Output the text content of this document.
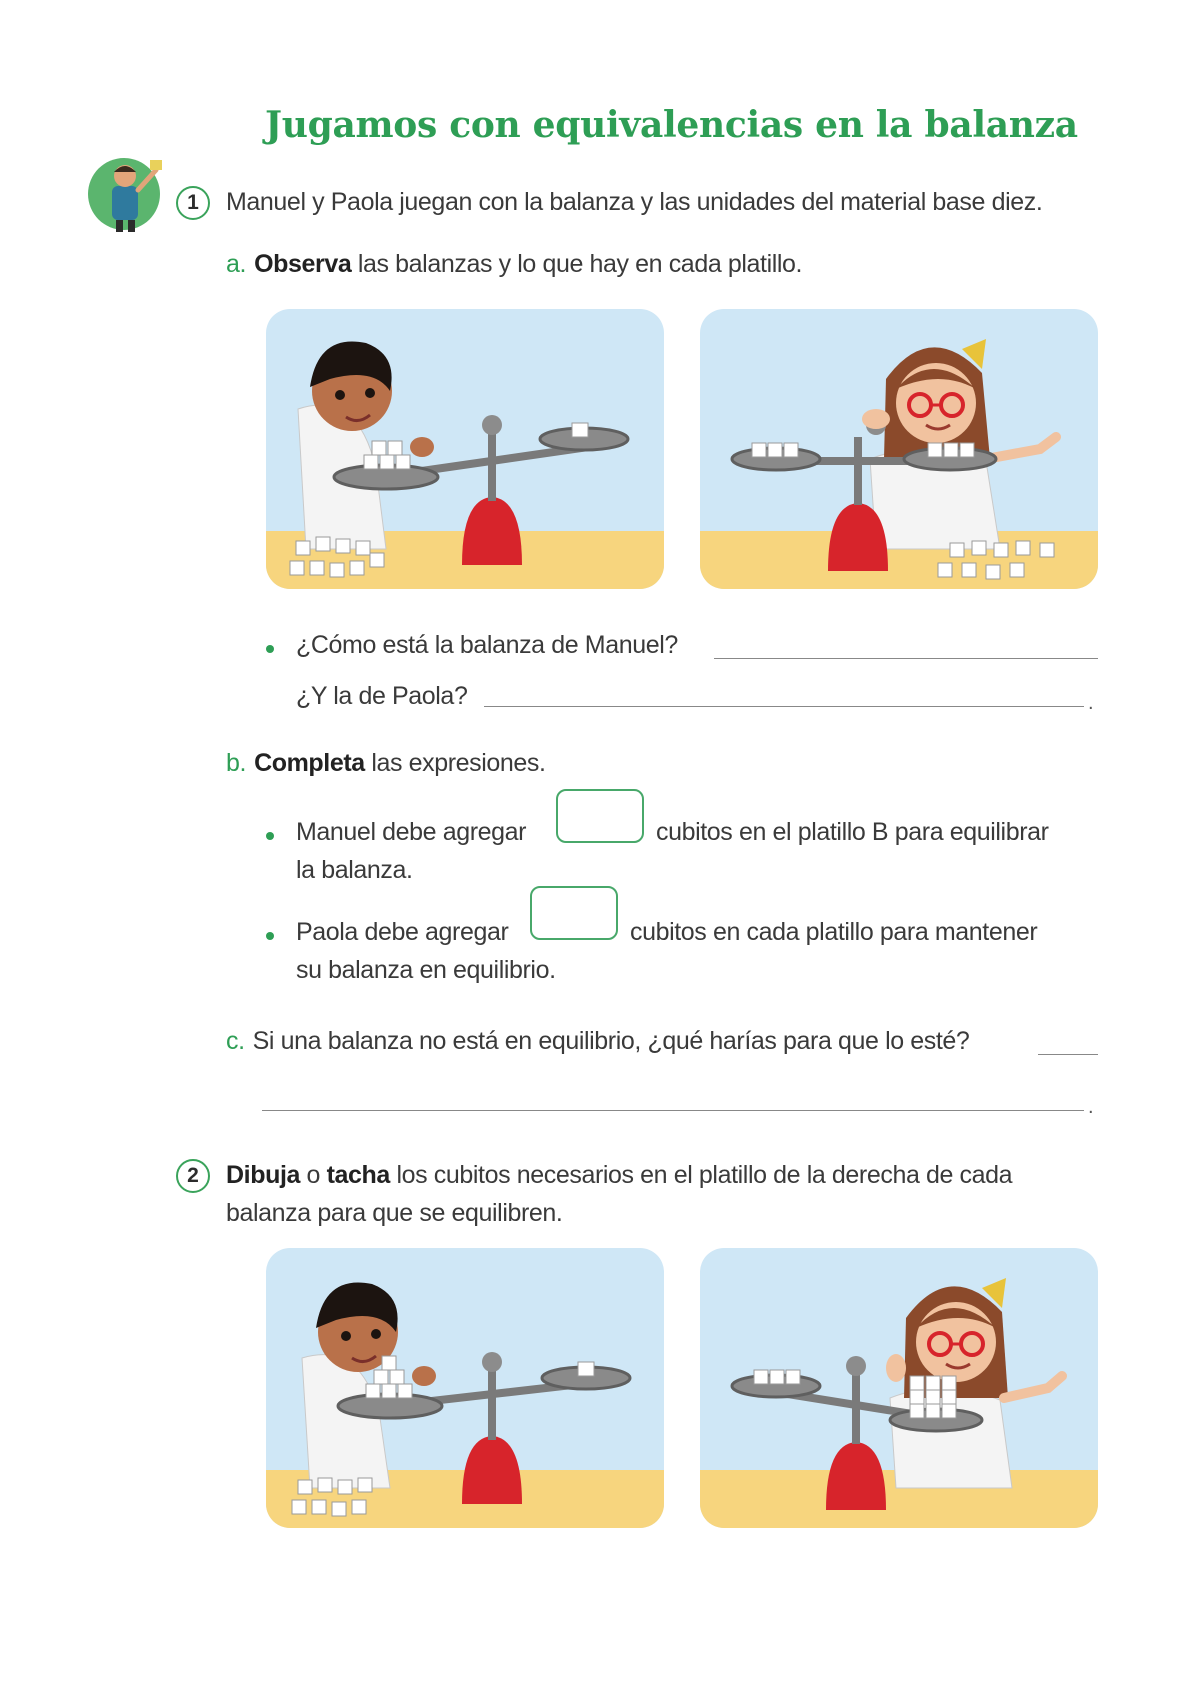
Jugamos con equivalencias en la balanza
1	Manuel y Paola juegan con la balanza y las unidades del material base diez.
a. Observa las balanzas y lo que hay en cada platillo.
¿Cómo está la balanza de Manuel?
¿Y la de Paola?	.
b. Completa las expresiones.
Manuel debe agregar	cubitos en el platillo B para equilibrar
la balanza.
Paola debe agregar	cubitos en cada platillo para mantener
su balanza en equilibrio.
c. Si una balanza no está en equilibrio, ¿qué harías para que lo esté?
.
2	Dibuja o tacha los cubitos necesarios en el platillo de la derecha de cada
balanza para que se equilibren.
